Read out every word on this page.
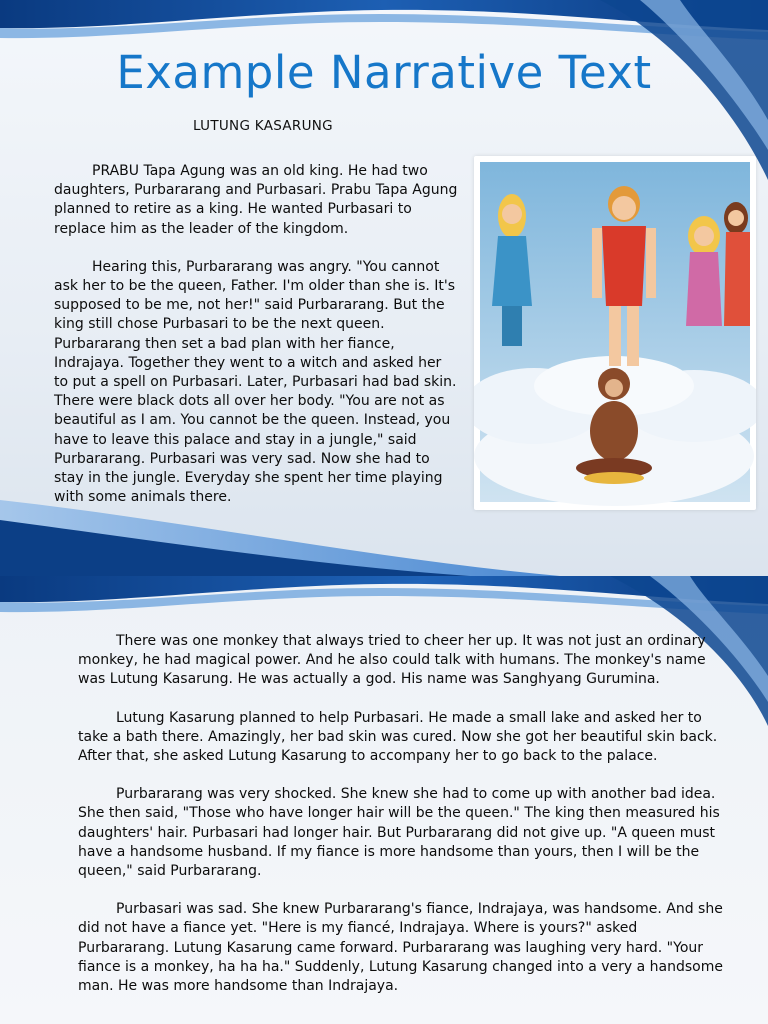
Example Narrative Text
LUTUNG KASARUNG

PRABU Tapa Agung was an old king. He had two daughters, Purbararang and Purbasari. Prabu Tapa Agung planned to retire as a king. He wanted Purbasari to replace him as the leader of the kingdom.

Hearing this, Purbararang was angry. "You cannot ask her to be the queen, Father. I'm older than she is. It's supposed to be me, not her!" said Purbararang. But the king still chose Purbasari to be the next queen. Purbararang then set a bad plan with her fiance, Indrajaya. Together they went to a witch and asked her to put a spell on Purbasari. Later, Purbasari had bad skin. There were black dots all over her body. "You are not as beautiful as I am. You cannot be the queen. Instead, you have to leave this palace and stay in a jungle," said Purbararang. Purbasari was very sad. Now she had to stay in the jungle. Everyday she spent her time playing with some animals there.

There was one monkey that always tried to cheer her up. It was not just an ordinary monkey, he had magical power. And he also could talk with humans. The monkey's name was Lutung Kasarung. He was actually a god. His name was Sanghyang Gurumina.

Lutung Kasarung planned to help Purbasari. He made a small lake and asked her to take a bath there. Amazingly, her bad skin was cured. Now she got her beautiful skin back. After that, she asked Lutung Kasarung to accompany her to go back to the palace.

Purbararang was very shocked. She knew she had to come up with another bad idea. She then said, "Those who have longer hair will be the queen." The king then measured his daughters' hair. Purbasari had longer hair. But Purbararang did not give up. "A queen must have a handsome husband. If my fiance is more handsome than yours, then I will be the queen," said Purbararang.

Purbasari was sad. She knew Purbararang's fiance, Indrajaya, was handsome. And she did not have a fiance yet. "Here is my fiancé, Indrajaya. Where is yours?" asked Purbararang. Lutung Kasarung came forward. Purbararang was laughing very hard. "Your fiance is a monkey, ha ha ha." Suddenly, Lutung Kasarung changed into a very a handsome man. He was more handsome than Indrajaya.
